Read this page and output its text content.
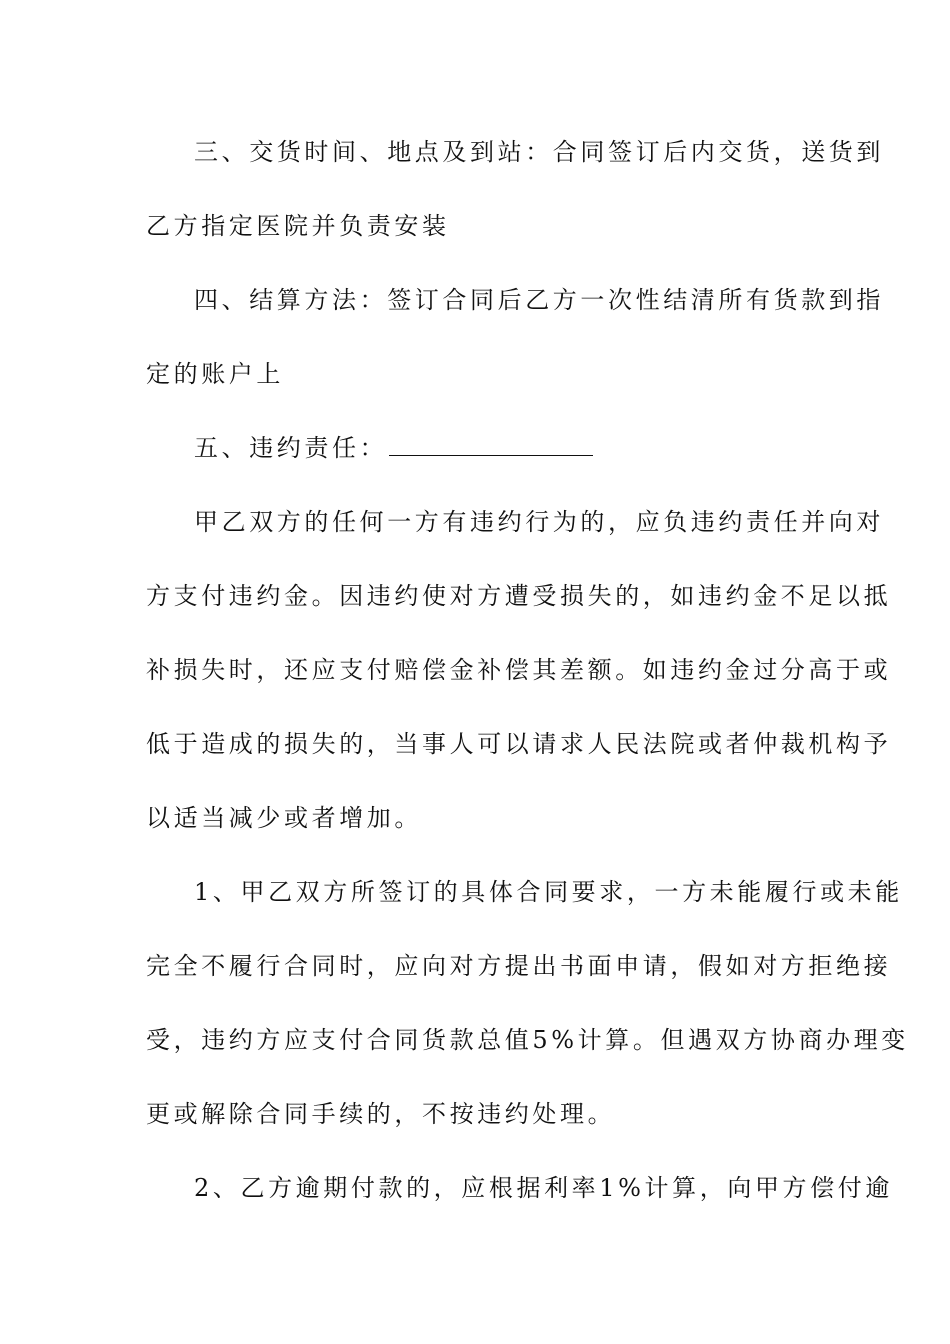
三、交货时间、地点及到站：合同签订后内交货，送货到
乙方指定医院并负责安装
四、结算方法：签订合同后乙方一次性结清所有货款到指
定的账户上
五、违约责任：
甲乙双方的任何一方有违约行为的，应负违约责任并向对
方支付违约金。因违约使对方遭受损失的，如违约金不足以抵
补损失时，还应支付赔偿金补偿其差额。如违约金过分高于或
低于造成的损失的，当事人可以请求人民法院或者仲裁机构予
以适当减少或者增加。
1、甲乙双方所签订的具体合同要求，一方未能履行或未能
完全不履行合同时，应向对方提出书面申请，假如对方拒绝接
受，违约方应支付合同货款总值5%计算。但遇双方协商办理变
更或解除合同手续的，不按违约处理。
2、乙方逾期付款的，应根据利率1%计算，向甲方偿付逾
